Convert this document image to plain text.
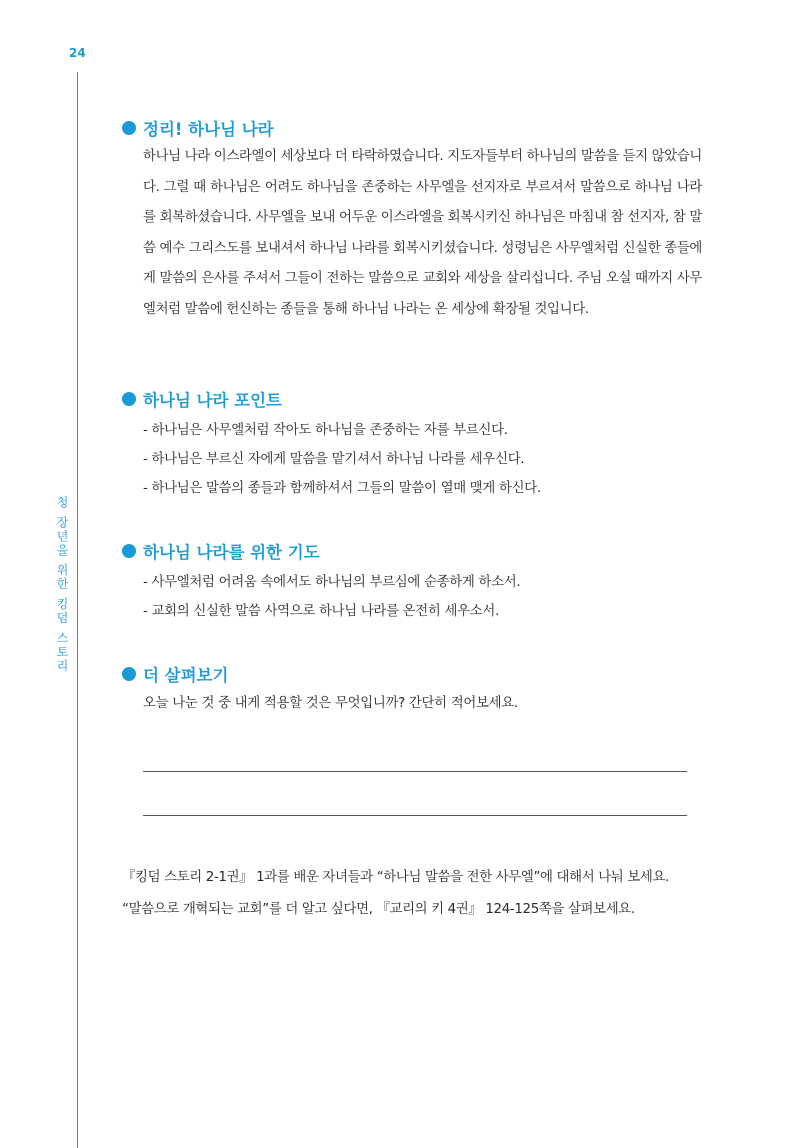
24
청 장년을 위한 킹덤 스토리
정리! 하나님 나라

하나님 나라 이스라엘이 세상보다 더 타락하였습니다. 지도자들부터 하나님의 말씀을 듣지 않았습니다. 그럴 때 하나님은 어려도 하나님을 존중하는 사무엘을 선지자로 부르셔서 말씀으로 하나님 나라를 회복하셨습니다. 사무엘을 보내 어두운 이스라엘을 회복시키신 하나님은 마침내 참 선지자, 참 말씀 예수 그리스도를 보내셔서 하나님 나라를 회복시키셨습니다. 성령님은 사무엘처럼 신실한 종들에게 말씀의 은사를 주셔서 그들이 전하는 말씀으로 교회와 세상을 살리십니다. 주님 오실 때까지 사무엘처럼 말씀에 헌신하는 종들을 통해 하나님 나라는 온 세상에 확장될 것입니다.

하나님 나라 포인트
- 하나님은 사무엘처럼 작아도 하나님을 존중하는 자를 부르신다.
- 하나님은 부르신 자에게 말씀을 맡기셔서 하나님 나라를 세우신다.
- 하나님은 말씀의 종들과 함께하셔서 그들의 말씀이 열매 맺게 하신다.
하나님 나라를 위한 기도
- 사무엘처럼 어려움 속에서도 하나님의 부르심에 순종하게 하소서.
- 교회의 신실한 말씀 사역으로 하나님 나라를 온전히 세우소서.
더 살펴보기
오늘 나눈 것 중 내게 적용할 것은 무엇입니까? 간단히 적어보세요.
『킹덤 스토리 2-1권』 1과를 배운 자녀들과 “하나님 말씀을 전한 사무엘”에 대해서 나눠 보세요.
“말씀으로 개혁되는 교회”를 더 알고 싶다면, 『교리의 키 4권』 124-125쪽을 살펴보세요.
